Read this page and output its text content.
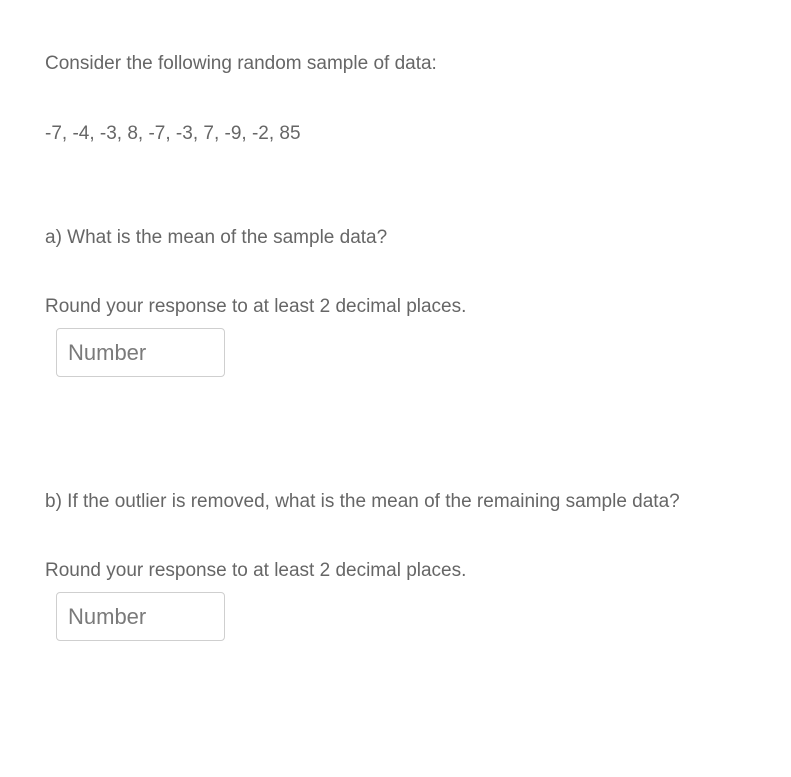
Consider the following random sample of data:
-7, -4, -3, 8, -7, -3, 7, -9, -2, 85
a) What is the mean of the sample data?
Round your response to at least 2 decimal places.
Number
b) If the outlier is removed, what is the mean of the remaining sample data?
Round your response to at least 2 decimal places.
Number
